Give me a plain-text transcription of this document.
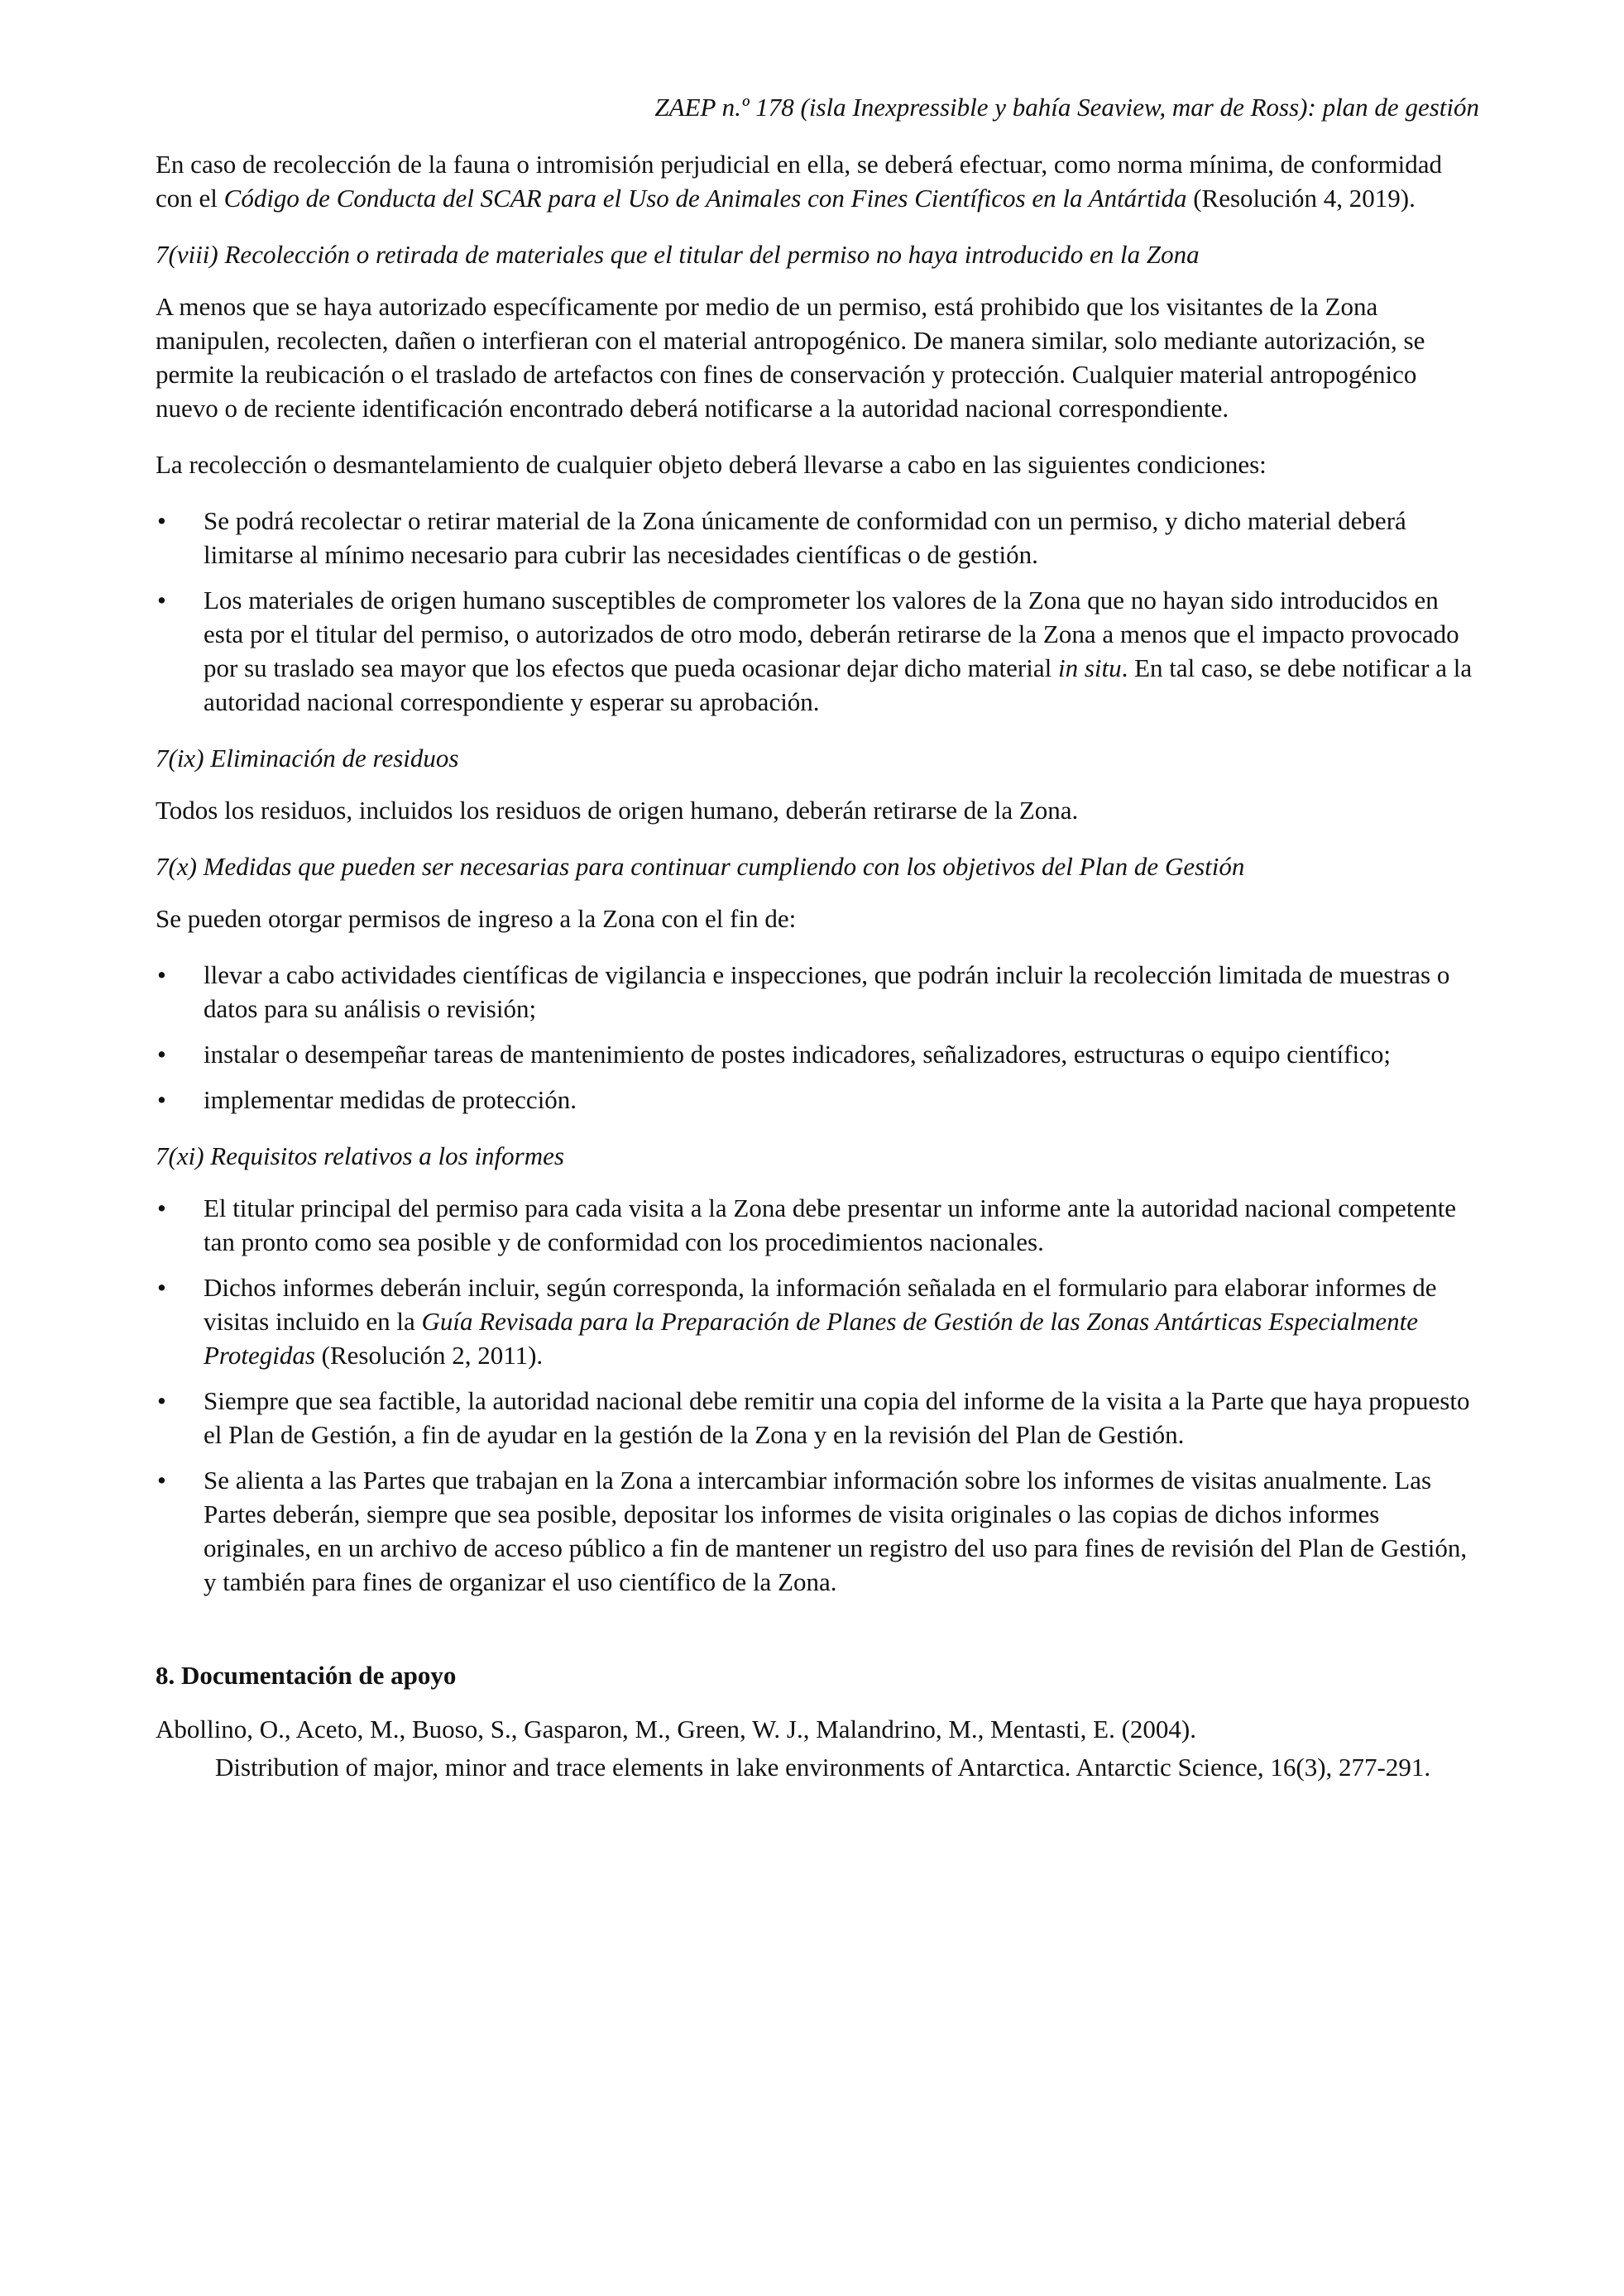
ZAEP n.º 178 (isla Inexpressible y bahía Seaview, mar de Ross): plan de gestión

En caso de recolección de la fauna o intromisión perjudicial en ella, se deberá efectuar, como norma mínima, de conformidad con el Código de Conducta del SCAR para el Uso de Animales con Fines Científicos en la Antártida (Resolución 4, 2019).

7(viii) Recolección o retirada de materiales que el titular del permiso no haya introducido en la Zona

A menos que se haya autorizado específicamente por medio de un permiso, está prohibido que los visitantes de la Zona manipulen, recolecten, dañen o interfieran con el material antropogénico. De manera similar, solo mediante autorización, se permite la reubicación o el traslado de artefactos con fines de conservación y protección. Cualquier material antropogénico nuevo o de reciente identificación encontrado deberá notificarse a la autoridad nacional correspondiente.

La recolección o desmantelamiento de cualquier objeto deberá llevarse a cabo en las siguientes condiciones:

• Se podrá recolectar o retirar material de la Zona únicamente de conformidad con un permiso, y dicho material deberá limitarse al mínimo necesario para cubrir las necesidades científicas o de gestión.
• Los materiales de origen humano susceptibles de comprometer los valores de la Zona que no hayan sido introducidos en esta por el titular del permiso, o autorizados de otro modo, deberán retirarse de la Zona a menos que el impacto provocado por su traslado sea mayor que los efectos que pueda ocasionar dejar dicho material in situ. En tal caso, se debe notificar a la autoridad nacional correspondiente y esperar su aprobación.
7(ix) Eliminación de residuos

Todos los residuos, incluidos los residuos de origen humano, deberán retirarse de la Zona.

7(x) Medidas que pueden ser necesarias para continuar cumpliendo con los objetivos del Plan de Gestión

Se pueden otorgar permisos de ingreso a la Zona con el fin de:

• llevar a cabo actividades científicas de vigilancia e inspecciones, que podrán incluir la recolección limitada de muestras o datos para su análisis o revisión;
• instalar o desempeñar tareas de mantenimiento de postes indicadores, señalizadores, estructuras o equipo científico;
• implementar medidas de protección.
7(xi) Requisitos relativos a los informes
• El titular principal del permiso para cada visita a la Zona debe presentar un informe ante la autoridad nacional competente tan pronto como sea posible y de conformidad con los procedimientos nacionales.
• Dichos informes deberán incluir, según corresponda, la información señalada en el formulario para elaborar informes de visitas incluido en la Guía Revisada para la Preparación de Planes de Gestión de las Zonas Antárticas Especialmente Protegidas (Resolución 2, 2011).
• Siempre que sea factible, la autoridad nacional debe remitir una copia del informe de la visita a la Parte que haya propuesto el Plan de Gestión, a fin de ayudar en la gestión de la Zona y en la revisión del Plan de Gestión.
• Se alienta a las Partes que trabajan en la Zona a intercambiar información sobre los informes de visitas anualmente. Las Partes deberán, siempre que sea posible, depositar los informes de visita originales o las copias de dichos informes originales, en un archivo de acceso público a fin de mantener un registro del uso para fines de revisión del Plan de Gestión, y también para fines de organizar el uso científico de la Zona.
8. Documentación de apoyo

Abollino, O., Aceto, M., Buoso, S., Gasparon, M., Green, W. J., Malandrino, M., Mentasti, E. (2004).

Distribution of major, minor and trace elements in lake environments of Antarctica. Antarctic Science, 16(3), 277-291.
